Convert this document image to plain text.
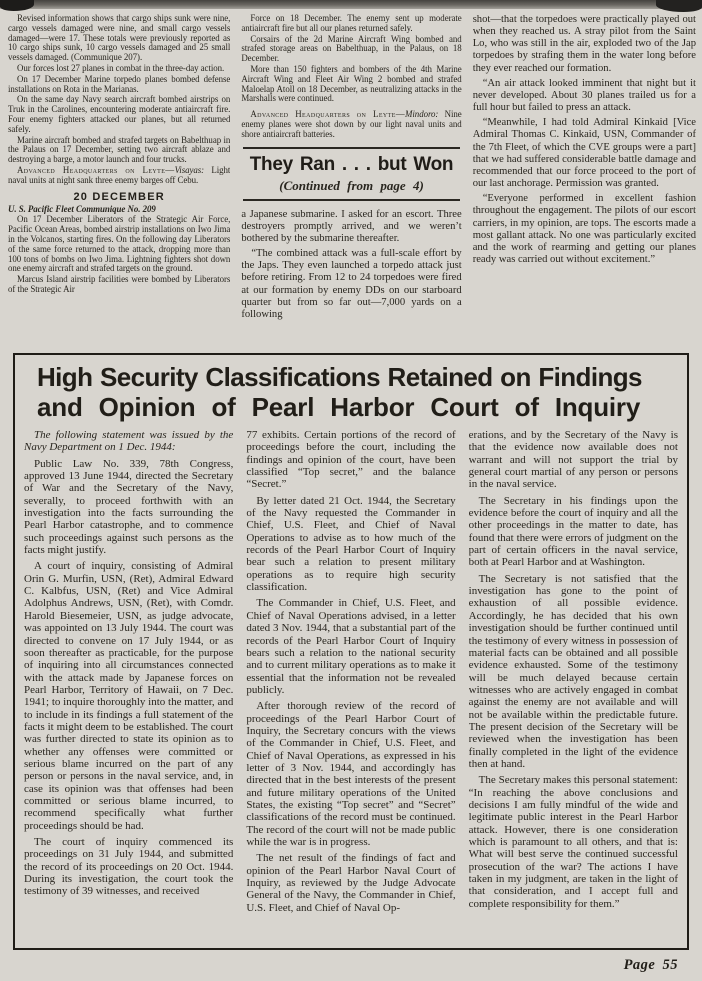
Revised information shows that cargo ships sunk were nine, cargo vessels damaged were nine, and small cargo vessels damaged—were 17. These totals were previously reported as 10 cargo ships sunk, 10 cargo vessels damaged and 25 small vessels damaged. (Communique 207).

Our forces lost 27 planes in combat in the three-day action.

On 17 December Marine torpedo planes bombed defense installations on Rota in the Marianas.

On the same day Navy search aircraft bombed airstrips on Truk in the Carolines, encountering moderate antiaircraft fire. Four enemy fighters attacked our planes, but all returned safely.

Marine aircraft bombed and strafed targets on Babelthuap in the Palaus on 17 December, setting two aircraft ablaze and destroying a barge, a motor launch and four trucks.

Advanced Headquarters on Leyte—Visayas: Light naval units at night sank three enemy barges off Cebu.

20 DECEMBER

U. S. Pacific Fleet Communique No. 209

On 17 December Liberators of the Strategic Air Force, Pacific Ocean Areas, bombed airstrip installations on Iwo Jima in the Volcanos, starting fires. On the following day Liberators of the same force returned to the attack, dropping more than 100 tons of bombs on Iwo Jima. Lightning fighters shot down one enemy aircraft and strafed targets on the ground.

Marcus Island airstrip facilities were bombed by Liberators of the Strategic Air

Force on 18 December. The enemy sent up moderate antiaircraft fire but all our planes returned safely.

Corsairs of the 2d Marine Aircraft Wing bombed and strafed storage areas on Babelthuap, in the Palaus, on 18 December.

More than 150 fighters and bombers of the 4th Marine Aircraft Wing and Fleet Air Wing 2 bombed and strafed Maloelap Atoll on 18 December, as neutralizing attacks in the Marshalls were continued.

Advanced Headquarters on Leyte—Mindoro: Nine enemy planes were shot down by our light naval units and shore antiaircraft batteries.

They Ran . . . but Won

(Continued from page 4)

a Japanese submarine. I asked for an escort. Three destroyers promptly arrived, and we weren’t bothered by the submarine thereafter.

“The combined attack was a full-scale effort by the Japs. They even launched a torpedo attack just before retiring. From 12 to 24 torpedoes were fired at our formation by enemy DDs on our starboard quarter but from so far out—7,000 yards on a following

shot—that the torpedoes were practically played out when they reached us. A stray pilot from the Saint Lo, who was still in the air, exploded two of the Jap torpedoes by strafing them in the water long before they ever reached our formation.

“An air attack looked imminent that night but it never developed. About 30 planes trailed us for a full hour but failed to press an attack.

“Meanwhile, I had told Admiral Kinkaid [Vice Admiral Thomas C. Kinkaid, USN, Commander of the 7th Fleet, of which the CVE groups were a part] that we had suffered considerable battle damage and recommended that our force proceed to the port of our last anchorage. Permission was granted.

“Everyone performed in excellent fashion throughout the engagement. The pilots of our escort carriers, in my opinion, are tops. The escorts made a most gallant attack. No one was particularly excited and the work of rearming and getting our planes ready was carried out without excitement.”

High Security Classifications Retained on Findings
and Opinion of Pearl Harbor Court of Inquiry

The following statement was issued by the Navy Department on 1 Dec. 1944:

Public Law No. 339, 78th Congress, approved 13 June 1944, directed the Secretary of War and the Secretary of the Navy, severally, to proceed forthwith with an investigation into the facts surrounding the Pearl Harbor catastrophe, and to commence such proceedings against such persons as the facts might justify.

A court of inquiry, consisting of Admiral Orin G. Murfin, USN, (Ret), Admiral Edward C. Kalbfus, USN, (Ret) and Vice Admiral Adolphus Andrews, USN, (Ret), with Comdr. Harold Biesemeier, USN, as judge advocate, was appointed on 13 July 1944. The court was directed to convene on 17 July 1944, or as soon thereafter as practicable, for the purpose of inquiring into all circumstances connected with the attack made by Japanese forces on Pearl Harbor, Territory of Hawaii, on 7 Dec. 1941; to inquire thoroughly into the matter, and to include in its findings a full statement of the facts it might deem to be established. The court was further directed to state its opinion as to whether any offenses were committed or serious blame incurred on the part of any person or persons in the naval service, and, in case its opinion was that offenses had been committed or serious blame incurred, to recommend specifically what further proceedings should be had.

The court of inquiry commenced its proceedings on 31 July 1944, and submitted the record of its proceedings on 20 Oct. 1944. During its investigation, the court took the testimony of 39 witnesses, and received

77 exhibits. Certain portions of the record of proceedings before the court, including the findings and opinion of the court, have been classified “Top secret,” and the balance “Secret.”

By letter dated 21 Oct. 1944, the Secretary of the Navy requested the Commander in Chief, U.S. Fleet, and Chief of Naval Operations to advise as to how much of the records of the Pearl Harbor Court of Inquiry bear such a relation to present military operations as to require high security classification.

The Commander in Chief, U.S. Fleet, and Chief of Naval Operations advised, in a letter dated 3 Nov. 1944, that a substantial part of the records of the Pearl Harbor Court of Inquiry bears such a relation to the national security and to current military operations as to make it essential that the information not be revealed publicly.

After thorough review of the record of proceedings of the Pearl Harbor Court of Inquiry, the Secretary concurs with the views of the Commander in Chief, U.S. Fleet, and Chief of Naval Operations, as expressed in his letter of 3 Nov. 1944, and accordingly has directed that in the best interests of the present and future military operations of the United States, the existing “Top secret” and “Secret” classifications of the record must be continued. The record of the court will not be made public while the war is in progress.

The net result of the findings of fact and opinion of the Pearl Harbor Naval Court of Inquiry, as reviewed by the Judge Advocate General of the Navy, the Commander in Chief, U.S. Fleet, and Chief of Naval Op-

erations, and by the Secretary of the Navy is that the evidence now available does not warrant and will not support the trial by general court martial of any person or persons in the naval service.

The Secretary in his findings upon the evidence before the court of inquiry and all the other proceedings in the matter to date, has found that there were errors of judgment on the part of certain officers in the naval service, both at Pearl Harbor and at Washington.

The Secretary is not satisfied that the investigation has gone to the point of exhaustion of all possible evidence. Accordingly, he has decided that his own investigation should be further continued until the testimony of every witness in possession of material facts can be obtained and all possible evidence exhausted. Some of the testimony will be much delayed because certain witnesses who are actively engaged in combat against the enemy are not available and will not be available within the predictable future. The present decision of the Secretary will be reviewed when the investigation has been finally completed in the light of the evidence then at hand.

The Secretary makes this personal statement: “In reaching the above conclusions and decisions I am fully mindful of the wide and legitimate public interest in the Pearl Harbor attack. However, there is one consideration which is paramount to all others, and that is: What will best serve the continued successful prosecution of the war? The actions I have taken in my judgment, are taken in the light of that consideration, and I accept full and complete responsibility for them.”

Page 55
